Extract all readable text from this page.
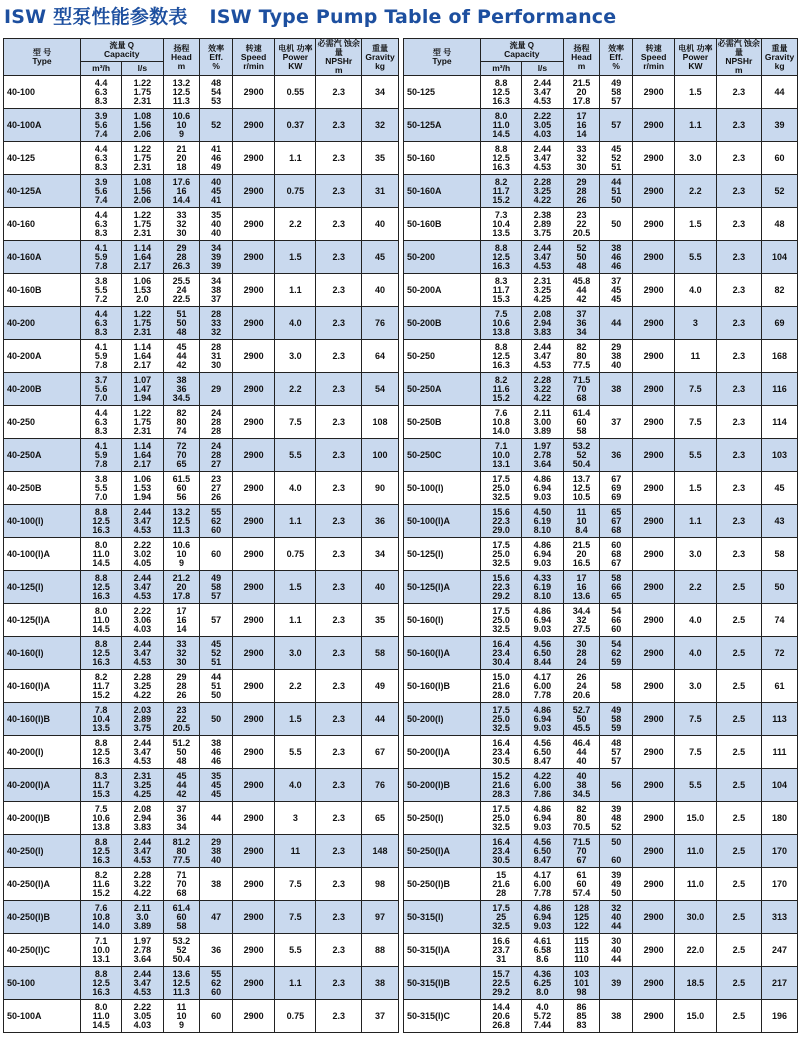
ISW 型泵性能参数表 ISW Type Pump Table of Performance
型 号
Type	流量 Q
Capacity		扬程
Head
m	效率
Eff.
%	转速
Speed
r/min	电机 功率
Power
KW	必需汽 蚀余量
NPSHr
m	重量
Gravity
kg

	m³/h	l/s						
40-100	4.4
6.3
8.3	1.22
1.75
2.31	13.2
12.5
11.3	48
54
53	2900	0.55	2.3	34
40-100A	3.9
5.6
7.4	1.08
1.56
2.06	10.6
10
9	52	2900	0.37	2.3	32
40-125	4.4
6.3
8.3	1.22
1.75
2.31	21
20
18	41
46
49	2900	1.1	2.3	35
40-125A	3.9
5.6
7.4	1.08
1.56
2.06	17.6
16
14.4	40
45
41	2900	0.75	2.3	31
40-160	4.4
6.3
8.3	1.22
1.75
2.31	33
32
30	35
40
40	2900	2.2	2.3	40
40-160A	4.1
5.9
7.8	1.14
1.64
2.17	29
28
26.3	34
39
39	2900	1.5	2.3	45
40-160B	3.8
5.5
7.2	1.06
1.53
2.0	25.5
24
22.5	34
38
37	2900	1.1	2.3	40
40-200	4.4
6.3
8.3	1.22
1.75
2.31	51
50
48	28
33
32	2900	4.0	2.3	76
40-200A	4.1
5.9
7.8	1.14
1.64
2.17	45
44
42	28
31
30	2900	3.0	2.3	64
40-200B	3.7
5.6
7.0	1.07
1.47
1.94	38
36
34.5	29	2900	2.2	2.3	54
40-250	4.4
6.3
8.3	1.22
1.75
2.31	82
80
74	24
28
28	2900	7.5	2.3	108
40-250A	4.1
5.9
7.8	1.14
1.64
2.17	72
70
65	24
28
27	2900	5.5	2.3	100
40-250B	3.8
5.5
7.0	1.06
1.53
1.94	61.5
60
56	23
27
26	2900	4.0	2.3	90
40-100(I)	8.8
12.5
16.3	2.44
3.47
4.53	13.2
12.5
11.3	55
62
60	2900	1.1	2.3	36
40-100(I)A	8.0
11.0
14.5	2.22
3.02
4.05	10.6
10
9	60	2900	0.75	2.3	34
40-125(I)	8.8
12.5
16.3	2.44
3.47
4.53	21.2
20
17.8	49
58
57	2900	1.5	2.3	40
40-125(I)A	8.0
11.0
14.5	2.22
3.06
4.03	17
16
14	57	2900	1.1	2.3	35
40-160(I)	8.8
12.5
16.3	2.44
3.47
4.53	33
32
30	45
52
51	2900	3.0	2.3	58
40-160(I)A	8.2
11.7
15.2	2.28
3.25
4.22	29
28
26	44
51
50	2900	2.2	2.3	49
40-160(I)B	7.8
10.4
13.5	2.03
2.89
3.75	23
22
20.5	50	2900	1.5	2.3	44
40-200(I)	8.8
12.5
16.3	2.44
3.47
4.53	51.2
50
48	38
46
46	2900	5.5	2.3	67
40-200(I)A	8.3
11.7
15.3	2.31
3.25
4.25	45
44
42	35
45
45	2900	4.0	2.3	76
40-200(I)B	7.5
10.6
13.8	2.08
2.94
3.83	37
36
34	44	2900	3	2.3	65
40-250(I)	8.8
12.5
16.3	2.44
3.47
4.53	81.2
80
77.5	29
38
40	2900	11	2.3	148
40-250(I)A	8.2
11.6
15.2	2.28
3.22
4.22	71
70
68	38	2900	7.5	2.3	98
40-250(I)B	7.6
10.8
14.0	2.11
3.0
3.89	61.4
60
58	47	2900	7.5	2.3	97
40-250(I)C	7.1
10.0
13.1	1.97
2.78
3.64	53.2
52
50.4	36	2900	5.5	2.3	88
50-100	8.8
12.5
16.3	2.44
3.47
4.53	13.6
12.5
11.3	55
62
60	2900	1.1	2.3	38
50-100A	8.0
11.0
14.5	2.22
3.05
4.03	11
10
9	60	2900	0.75	2.3	37
型 号
Type	流量 Q
Capacity		扬程
Head
m	效率
Eff.
%	转速
Speed
r/min	电机 功率
Power
KW	必需汽 蚀余量
NPSHr
m	重量
Gravity
kg

	m³/h	l/s						
50-125	8.8
12.5
16.3	2.44
3.47
4.53	21.5
20
17.8	49
58
57	2900	1.5	2.3	44
50-125A	8.0
11.0
14.5	2.22
3.05
4.03	17
16
14	57	2900	1.1	2.3	39
50-160	8.8
12.5
16.3	2.44
3.47
4.53	33
32
30	45
52
51	2900	3.0	2.3	60
50-160A	8.2
11.7
15.2	2.28
3.25
4.22	29
28
26	44
51
50	2900	2.2	2.3	52
50-160B	7.3
10.4
13.5	2.38
2.89
3.75	23
22
20.5	50	2900	1.5	2.3	48
50-200	8.8
12.5
16.3	2.44
3.47
4.53	52
50
48	38
46
46	2900	5.5	2.3	104
50-200A	8.3
11.7
15.3	2.31
3.25
4.25	45.8
44
42	37
45
45	2900	4.0	2.3	82
50-200B	7.5
10.6
13.8	2.08
2.94
3.83	37
36
34	44	2900	3	2.3	69
50-250	8.8
12.5
16.3	2.44
3.47
4.53	82
80
77.5	29
38
40	2900	11	2.3	168
50-250A	8.2
11.6
15.2	2.28
3.22
4.22	71.5
70
68	38	2900	7.5	2.3	116
50-250B	7.6
10.8
14.0	2.11
3.00
3.89	61.4
60
58	37	2900	7.5	2.3	114
50-250C	7.1
10.0
13.1	1.97
2.78
3.64	53.2
52
50.4	36	2900	5.5	2.3	103
50-100(I)	17.5
25.0
32.5	4.86
6.94
9.03	13.7
12.5
10.5	67
69
69	2900	1.5	2.3	45
50-100(I)A	15.6
22.3
29.0	4.50
6.19
8.10	11
10
8.4	65
67
68	2900	1.1	2.3	43
50-125(I)	17.5
25.0
32.5	4.86
6.94
9.03	21.5
20
16.5	60
68
67	2900	3.0	2.3	58
50-125(I)A	15.6
22.3
29.2	4.33
6.19
8.10	17
16
13.6	58
66
65	2900	2.2	2.5	50
50-160(I)	17.5
25.0
32.5	4.86
6.94
9.03	34.4
32
27.5	54
66
60	2900	4.0	2.5	74
50-160(I)A	16.4
23.4
30.4	4.56
6.50
8.44	30
28
24	54
62
59	2900	4.0	2.5	72
50-160(I)B	15.0
21.6
28.0	4.17
6.00
7.78	26
24
20.6	58	2900	3.0	2.5	61
50-200(I)	17.5
25.0
32.5	4.86
6.94
9.03	52.7
50
45.5	49
58
59	2900	7.5	2.5	113
50-200(I)A	16.4
23.4
30.5	4.56
6.50
8.47	46.4
44
40	48
57
57	2900	7.5	2.5	111
50-200(I)B	15.2
21.6
28.3	4.22
6.00
7.86	40
38
34.5	56	2900	5.5	2.5	104
50-250(I)	17.5
25.0
32.5	4.86
6.94
9.03	82
80
70.5	39
48
52	2900	15.0	2.5	180
50-250(I)A	16.4
23.4
30.5	4.56
6.50
8.47	71.5
70
67	50

60	2900	11.0	2.5	170
50-250(I)B	15
21.6
28	4.17
6.00
7.78	61
60
57.4	39
49
50	2900	11.0	2.5	170
50-315(I)	17.5
25
32.5	4.86
6.94
9.03	128
125
122	32
40
44	2900	30.0	2.5	313
50-315(I)A	16.6
23.7
31	4.61
6.58
8.6	115
113
110	30
40
44	2900	22.0	2.5	247
50-315(I)B	15.7
22.5
29.2	4.36
6.25
8.0	103
101
98	39	2900	18.5	2.5	217
50-315(I)C	14.4
20.6
26.8	4.0
5.72
7.44	86
85
83	38	2900	15.0	2.5	196
